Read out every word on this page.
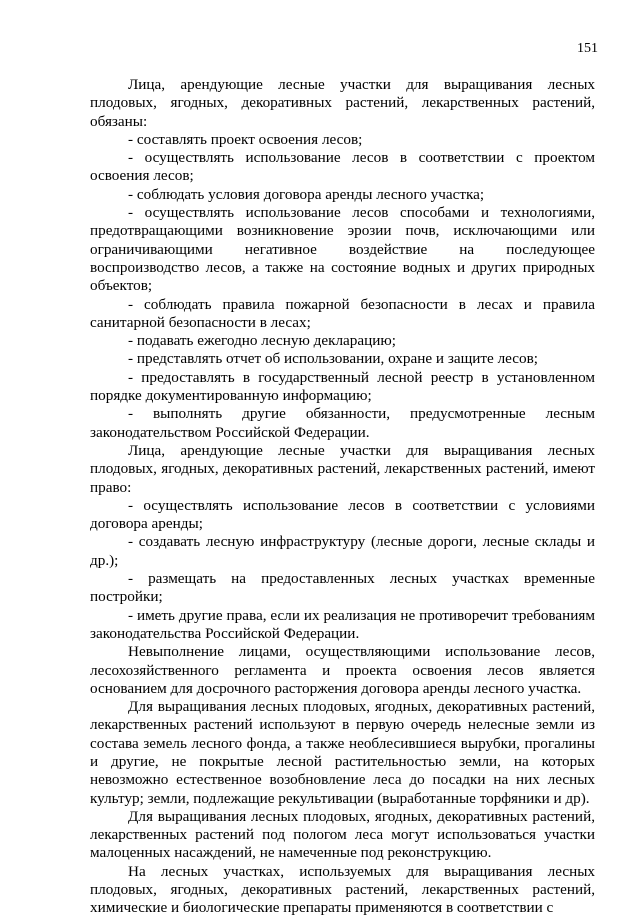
151

Лица, арендующие лесные участки для выращивания лесных плодовых, ягодных, декоративных растений, лекарственных растений, обязаны:

- составлять проект освоения лесов;

- осуществлять использование лесов в соответствии с проектом освоения лесов;

- соблюдать условия договора аренды лесного участка;

- осуществлять использование лесов способами и технологиями, предотвращающими возникновение эрозии почв, исключающими или ограничивающими негативное воздействие на последующее воспроизводство лесов, а также на состояние водных и других природных объектов;

- соблюдать правила пожарной безопасности в лесах и правила санитарной безопасности в лесах;

- подавать ежегодно лесную декларацию;

- представлять отчет об использовании, охране и защите лесов;

- предоставлять в государственный лесной реестр в установленном порядке документированную информацию;

- выполнять другие обязанности, предусмотренные лесным законодательством Российской Федерации.

Лица, арендующие лесные участки для выращивания лесных плодовых, ягодных, декоративных растений, лекарственных растений, имеют право:

- осуществлять использование лесов в соответствии с условиями договора аренды;

- создавать лесную инфраструктуру (лесные дороги, лесные склады и др.);

- размещать на предоставленных лесных участках временные постройки;

- иметь другие права, если их реализация не противоречит требованиям законодательства Российской Федерации.

Невыполнение лицами, осуществляющими использование лесов, лесохозяйственного регламента и проекта освоения лесов является основанием для досрочного расторжения договора аренды лесного участка.

Для выращивания лесных плодовых, ягодных, декоративных растений, лекарственных растений используют в первую очередь нелесные земли из состава земель лесного фонда, а также необлесившиеся вырубки, прогалины и другие, не покрытые лесной растительностью земли, на которых невозможно естественное возобновление леса до посадки на них лесных культур; земли, подлежащие рекультивации (выработанные торфяники и др).

Для выращивания лесных плодовых, ягодных, декоративных растений, лекарственных растений под пологом леса могут использоваться участки малоценных насаждений, не намеченные под реконструкцию.

На лесных участках, используемых для выращивания лесных плодовых, ягодных, декоративных растений, лекарственных растений, химические и биологические препараты применяются в соответствии с
